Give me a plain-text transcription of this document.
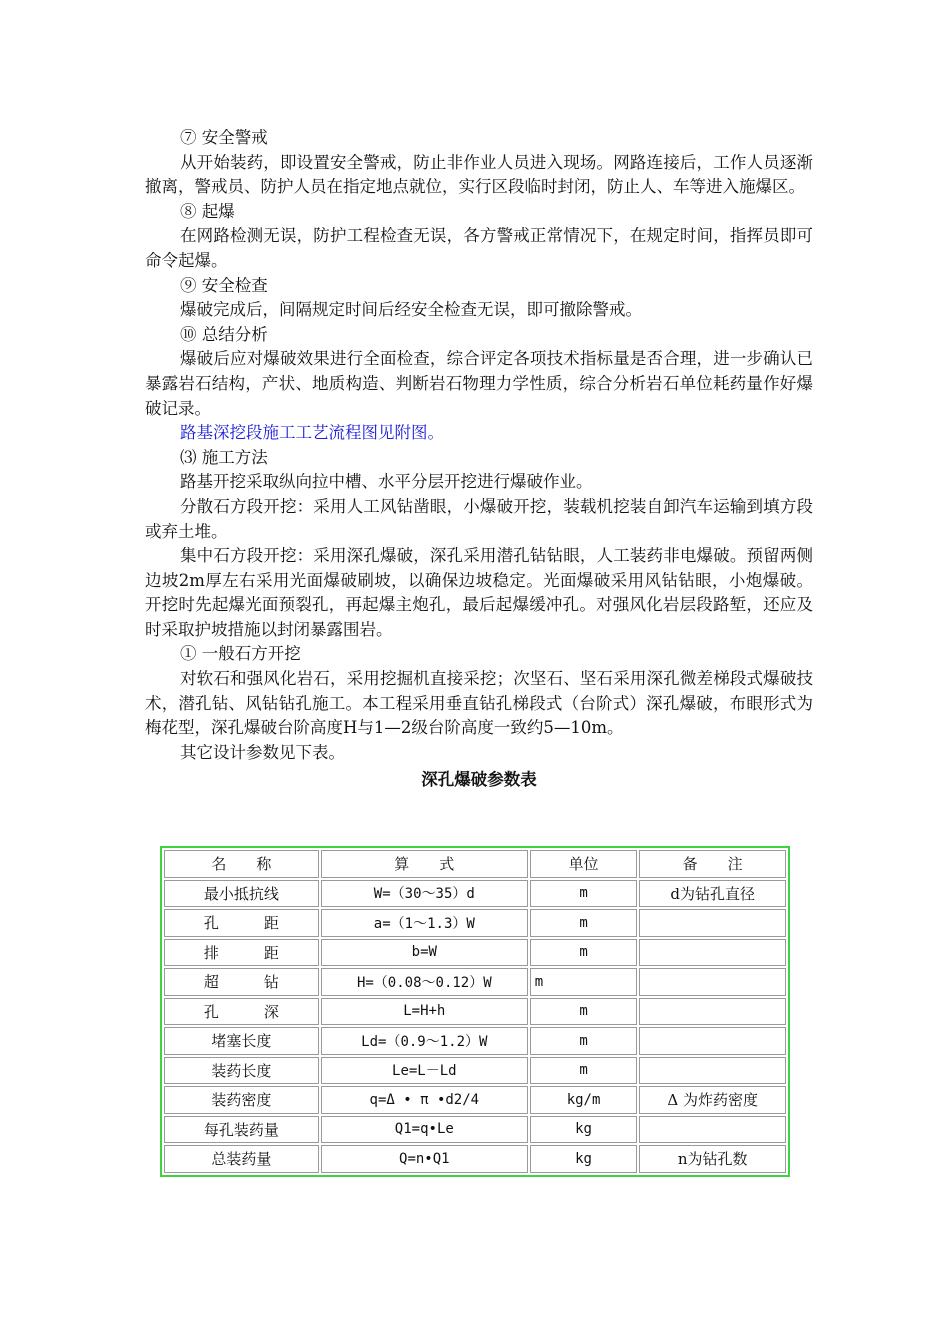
⑦ 安全警戒

从开始装药，即设置安全警戒，防止非作业人员进入现场。网路连接后，工作人员逐渐撤离，警戒员、防护人员在指定地点就位，实行区段临时封闭，防止人、车等进入施爆区。

⑧ 起爆

在网路检测无误，防护工程检查无误，各方警戒正常情况下，在规定时间，指挥员即可命令起爆。

⑨ 安全检查

爆破完成后，间隔规定时间后经安全检查无误，即可撤除警戒。

⑩ 总结分析

爆破后应对爆破效果进行全面检查，综合评定各项技术指标量是否合理，进一步确认已暴露岩石结构，产状、地质构造、判断岩石物理力学性质，综合分析岩石单位耗药量作好爆破记录。

路基深挖段施工工艺流程图见附图。

⑶ 施工方法

路基开挖采取纵向拉中槽、水平分层开挖进行爆破作业。

分散石方段开挖：采用人工风钻凿眼，小爆破开挖，装载机挖装自卸汽车运输到填方段或弃土堆。

集中石方段开挖：采用深孔爆破，深孔采用潜孔钻钻眼，人工装药非电爆破。预留两侧边坡2m厚左右采用光面爆破刷坡，以确保边坡稳定。光面爆破采用风钻钻眼，小炮爆破。开挖时先起爆光面预裂孔，再起爆主炮孔，最后起爆缓冲孔。对强风化岩层段路堑，还应及时采取护坡措施以封闭暴露围岩。

① 一般石方开挖

对软石和强风化岩石，采用挖掘机直接采挖；次坚石、坚石采用深孔微差梯段式爆破技术，潜孔钻、风钻钻孔施工。本工程采用垂直钻孔梯段式（台阶式）深孔爆破，布眼形式为梅花型，深孔爆破台阶高度H与1—2级台阶高度一致约5—10m。

其它设计参数见下表。

深孔爆破参数表

名　　称	算　　式	单位	备　　注
最小抵抗线	W=（30～35）d	m	d为钻孔直径
孔　　　距	a=（1～1.3）W	m	
排　　　距	b=W	m	
超　　　钻	H=（0.08～0.12）W	m	
孔　　　深	L=H+h	m	
堵塞长度	Ld=（0.9～1.2）W	m	
装药长度	Le=L－Ld	m	
装药密度	q=Δ • π •d2/4	kg/m	Δ 为炸药密度
每孔装药量	Q1=q•Le	kg	
总装药量	Q=n•Q1	kg	n为钻孔数
